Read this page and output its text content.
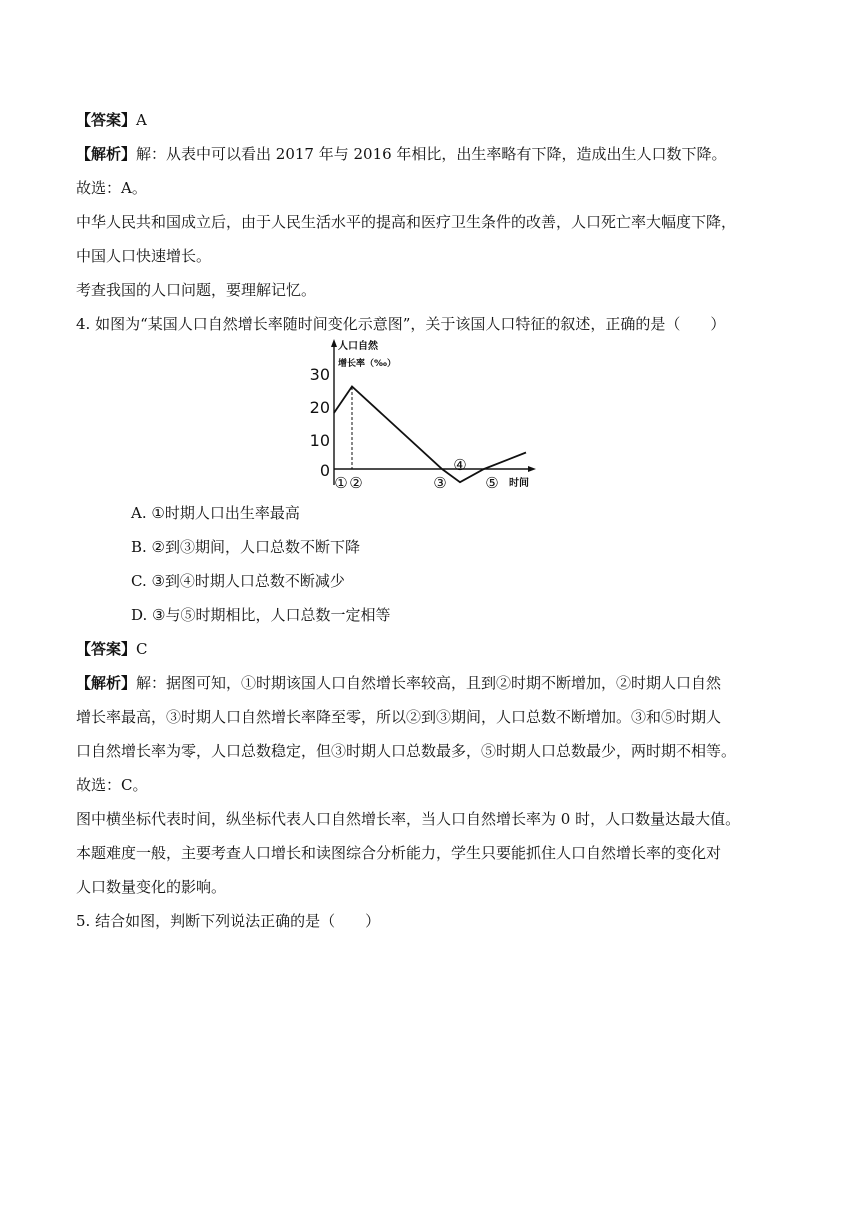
【答案】A
【解析】解：从表中可以看出 2017 年与 2016 年相比，出生率略有下降，造成出生人口数下降。
故选：A。
中华人民共和国成立后，由于人民生活水平的提高和医疗卫生条件的改善，人口死亡率大幅度下降，
中国人口快速增长。
考查我国的人口问题，要理解记忆。
4. 如图为“某国人口自然增长率随时间变化示意图”，关于该国人口特征的叙述，正确的是（　　）
人口自然
增长率（‰）
30
20
10
0
① ②	③
④
⑤ 时间
A. ①时期人口出生率最高
B. ②到③期间，人口总数不断下降
C. ③到④时期人口总数不断减少
D. ③与⑤时期相比，人口总数一定相等
【答案】C
【解析】解：据图可知，①时期该国人口自然增长率较高，且到②时期不断增加，②时期人口自然
增长率最高，③时期人口自然增长率降至零，所以②到③期间，人口总数不断增加。③和⑤时期人
口自然增长率为零，人口总数稳定，但③时期人口总数最多，⑤时期人口总数最少，两时期不相等。
故选：C。
图中横坐标代表时间，纵坐标代表人口自然增长率，当人口自然增长率为 0 时，人口数量达最大值。
本题难度一般，主要考查人口增长和读图综合分析能力，学生只要能抓住人口自然增长率的变化对
人口数量变化的影响。
5. 结合如图，判断下列说法正确的是（　　）
